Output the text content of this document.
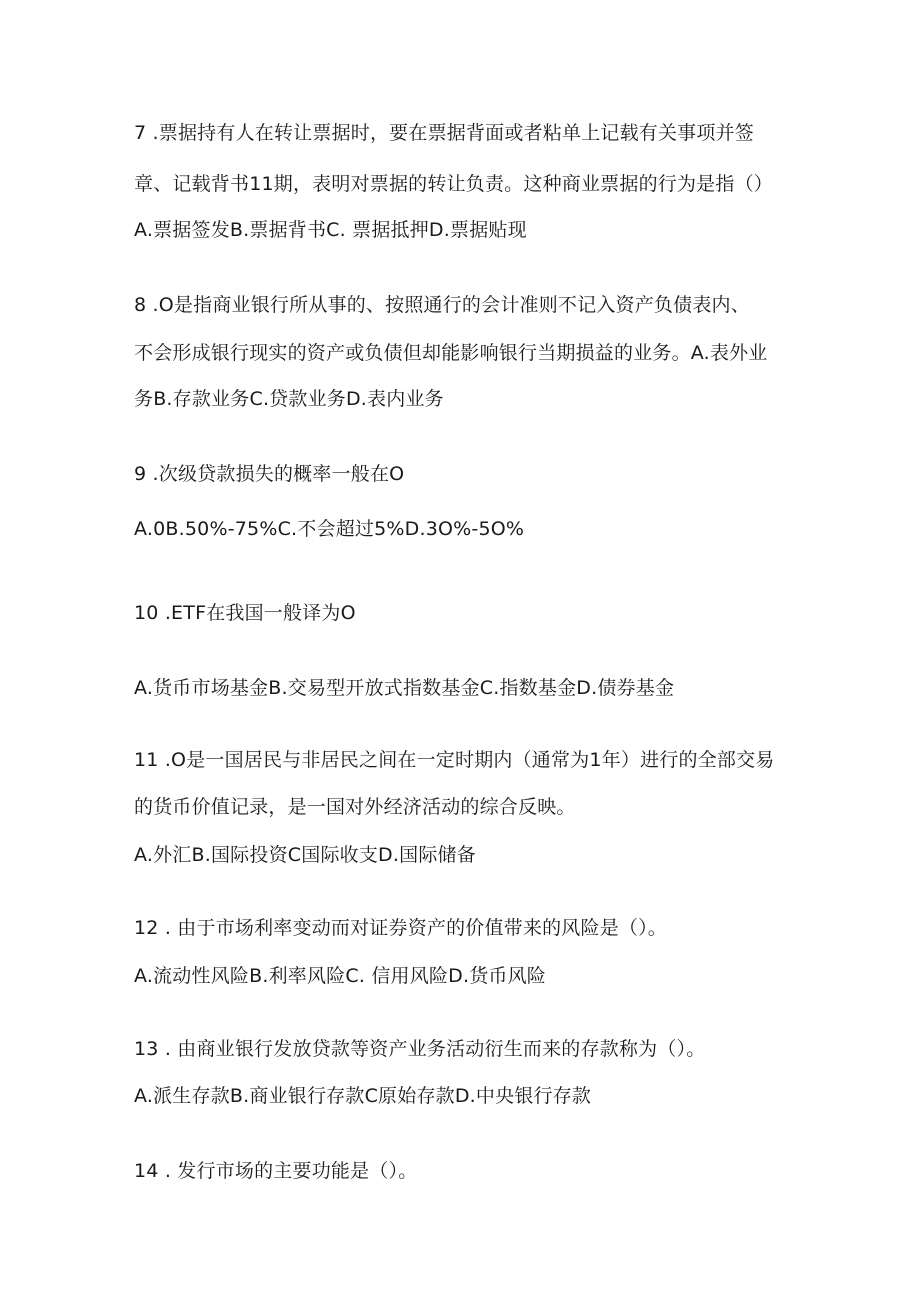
7 .票据持有人在转让票据时，要在票据背面或者粘单上记载有关事项并签
章、记载背书11期，表明对票据的转让负责。这种商业票据的行为是指（）
A.票据签发B.票据背书C. 票据抵押D.票据贴现
8 .O是指商业银行所从事的、按照通行的会计准则不记入资产负债表内、
不会形成银行现实的资产或负债但却能影响银行当期损益的业务。A.表外业
务B.存款业务C.贷款业务D.表内业务
9 .次级贷款损失的概率一般在O
A.0B.50%-75%C.不会超过5%D.3O%-5O%
10 .ETF在我国一般译为O
A.货币市场基金B.交易型开放式指数基金C.指数基金D.债券基金
11 .O是一国居民与非居民之间在一定时期内（通常为1年）进行的全部交易
的货币价值记录，是一国对外经济活动的综合反映。
A.外汇B.国际投资C国际收支D.国际储备
12 . 由于市场利率变动而对证券资产的价值带来的风险是（）。
A.流动性风险B.利率风险C. 信用风险D.货币风险
13 . 由商业银行发放贷款等资产业务活动衍生而来的存款称为（）。
A.派生存款B.商业银行存款C原始存款D.中央银行存款
14 . 发行市场的主要功能是（）。
